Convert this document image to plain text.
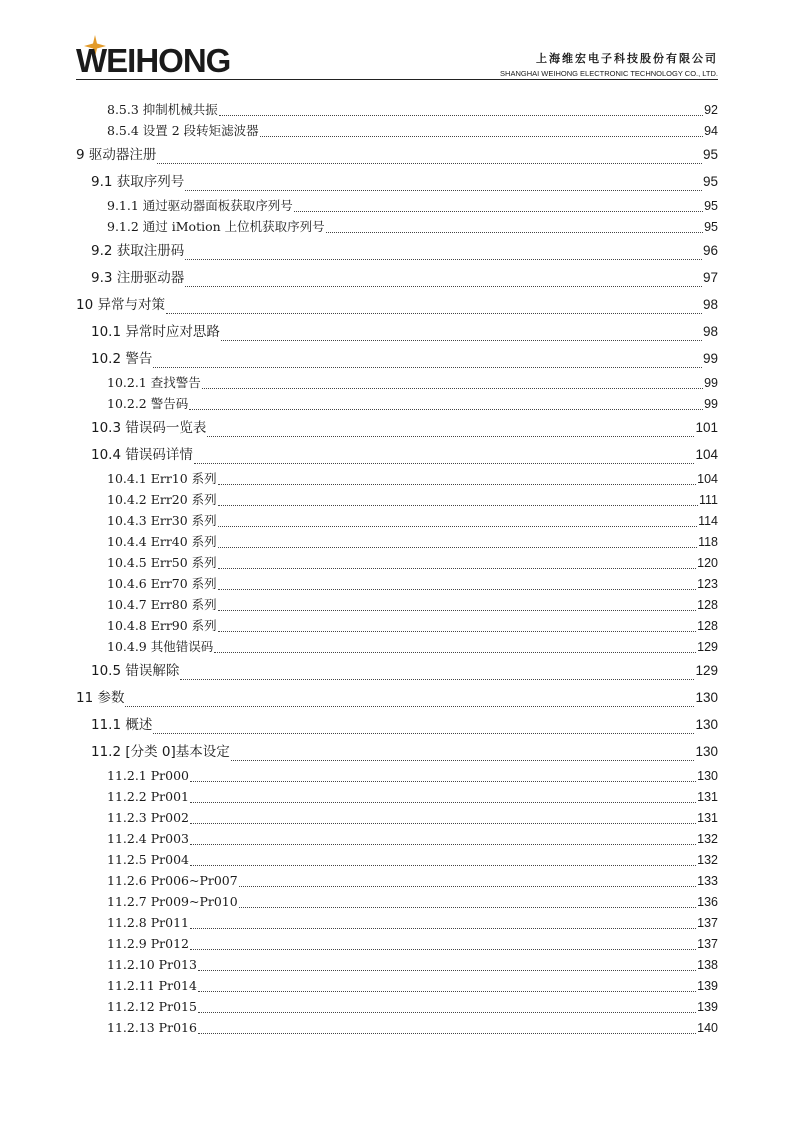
WEIHONG	上海维宏电子科技股份有限公司
SHANGHAI WEIHONG ELECTRONIC TECHNOLOGY CO., LTD.
8.5.3 抑制机械共振	92
8.5.4 设置 2 段转矩滤波器	94
9 驱动器注册	95
9.1 获取序列号	95
9.1.1 通过驱动器面板获取序列号	95
9.1.2 通过 iMotion 上位机获取序列号	95
9.2 获取注册码	96
9.3 注册驱动器	97
10 异常与对策	98
10.1 异常时应对思路	98
10.2 警告	99
10.2.1 查找警告	99
10.2.2 警告码	99
10.3 错误码一览表	101
10.4 错误码详情	104
10.4.1 Err10 系列	104
10.4.2 Err20 系列	111
10.4.3 Err30 系列	114
10.4.4 Err40 系列	118
10.4.5 Err50 系列	120
10.4.6 Err70 系列	123
10.4.7 Err80 系列	128
10.4.8 Err90 系列	128
10.4.9 其他错误码	129
10.5 错误解除	129
11 参数	130
11.1 概述	130
11.2 [分类 0]基本设定	130
11.2.1 Pr000	130
11.2.2 Pr001	131
11.2.3 Pr002	131
11.2.4 Pr003	132
11.2.5 Pr004	132
11.2.6 Pr006~Pr007	133
11.2.7 Pr009~Pr010	136
11.2.8 Pr011	137
11.2.9 Pr012	137
11.2.10 Pr013	138
11.2.11 Pr014	139
11.2.12 Pr015	139
11.2.13 Pr016	140
